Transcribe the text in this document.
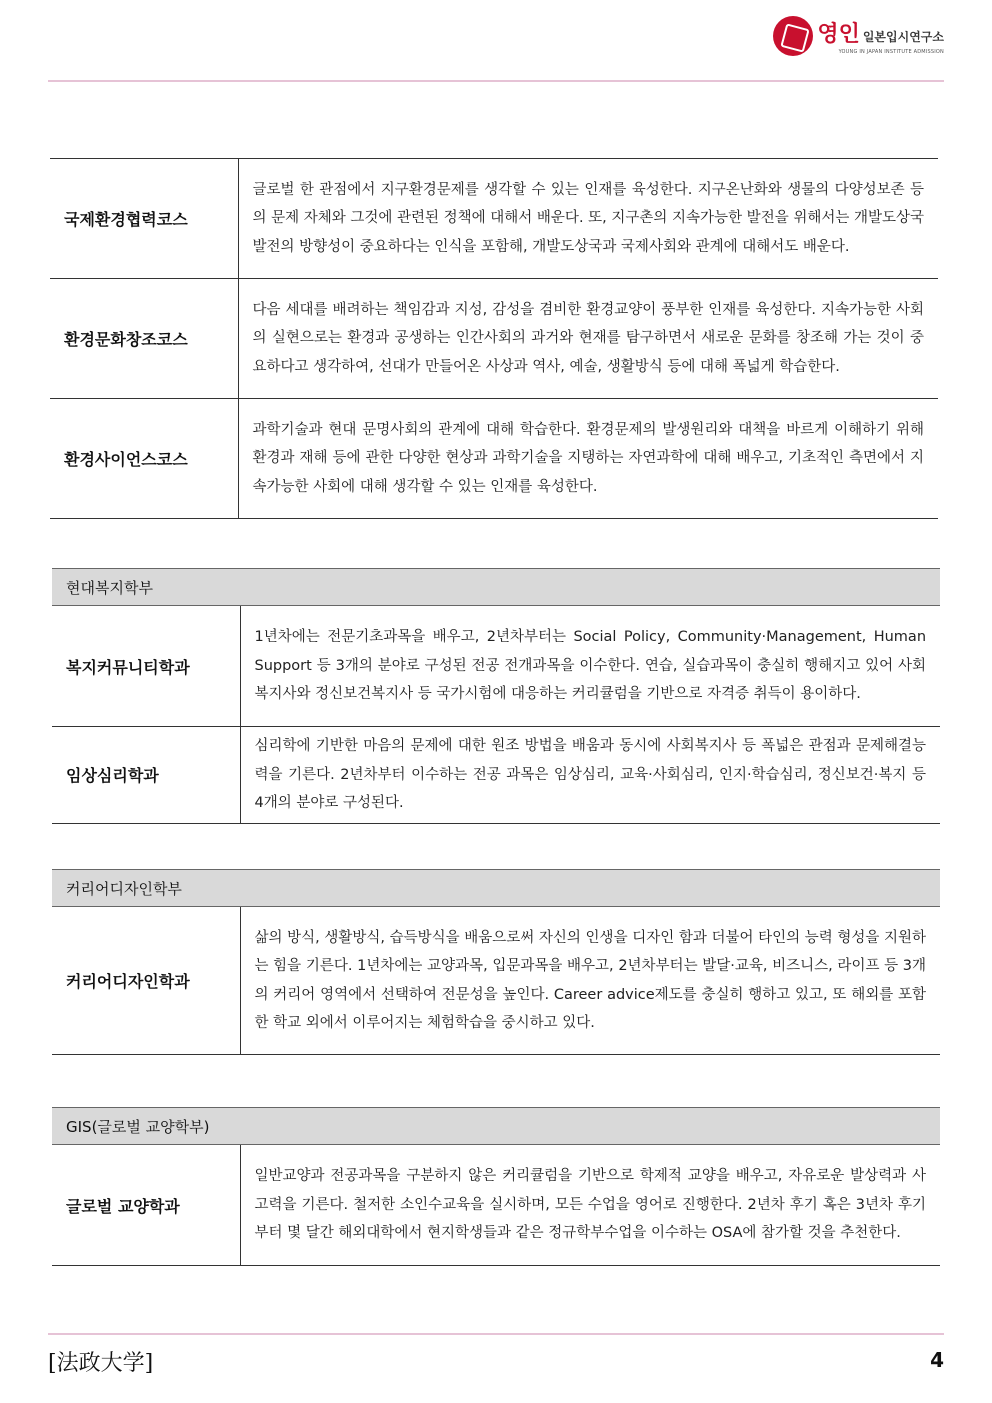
영인 일본입시연구소
YOUNG IN JAPAN INSTITUTE ADMISSION
국제환경협력코스	글로벌 한 관점에서 지구환경문제를 생각할 수 있는 인재를 육성한다. 지구온난화와 생물의 다양성보존 등의 문제 자체와 그것에 관련된 정책에 대해서 배운다. 또, 지구촌의 지속가능한 발전을 위해서는 개발도상국 발전의 방향성이 중요하다는 인식을 포함해, 개발도상국과 국제사회와 관계에 대해서도 배운다.
환경문화창조코스	다음 세대를 배려하는 책임감과 지성, 감성을 겸비한 환경교양이 풍부한 인재를 육성한다. 지속가능한 사회의 실현으로는 환경과 공생하는 인간사회의 과거와 현재를 탐구하면서 새로운 문화를 창조해 가는 것이 중요하다고 생각하여, 선대가 만들어온 사상과 역사, 예술, 생활방식 등에 대해 폭넓게 학습한다.
환경사이언스코스	과학기술과 현대 문명사회의 관계에 대해 학습한다. 환경문제의 발생원리와 대책을 바르게 이해하기 위해 환경과 재해 등에 관한 다양한 현상과 과학기술을 지탱하는 자연과학에 대해 배우고, 기초적인 측면에서 지속가능한 사회에 대해 생각할 수 있는 인재를 육성한다.
현대복지학부	
복지커뮤니티학과	1년차에는 전문기초과목을 배우고, 2년차부터는 Social Policy, Community·Management, Human Support 등 3개의 분야로 구성된 전공 전개과목을 이수한다. 연습, 실습과목이 충실히 행해지고 있어 사회복지사와 정신보건복지사 등 국가시험에 대응하는 커리큘럼을 기반으로 자격증 취득이 용이하다.
임상심리학과	심리학에 기반한 마음의 문제에 대한 원조 방법을 배움과 동시에 사회복지사 등 폭넓은 관점과 문제해결능력을 기른다. 2년차부터 이수하는 전공 과목은 임상심리, 교육·사회심리, 인지·학습심리, 정신보건·복지 등 4개의 분야로 구성된다.
커리어디자인학부
커리어디자인학과	삶의 방식, 생활방식, 습득방식을 배움으로써 자신의 인생을 디자인 함과 더불어 타인의 능력 형성을 지원하는 힘을 기른다. 1년차에는 교양과목, 입문과목을 배우고, 2년차부터는 발달·교육, 비즈니스, 라이프 등 3개의 커리어 영역에서 선택하여 전문성을 높인다. Career advice제도를 충실히 행하고 있고, 또 해외를 포함한 학교 외에서 이루어지는 체험학습을 중시하고 있다.
GIS(글로벌 교양학부)
글로벌 교양학과	일반교양과 전공과목을 구분하지 않은 커리큘럼을 기반으로 학제적 교양을 배우고, 자유로운 발상력과 사고력을 기른다. 철저한 소인수교육을 실시하며, 모든 수업을 영어로 진행한다. 2년차 후기 혹은 3년차 후기부터 몇 달간 해외대학에서 현지학생들과 같은 정규학부수업을 이수하는 OSA에 참가할 것을 추천한다.
[法政大学]	4
